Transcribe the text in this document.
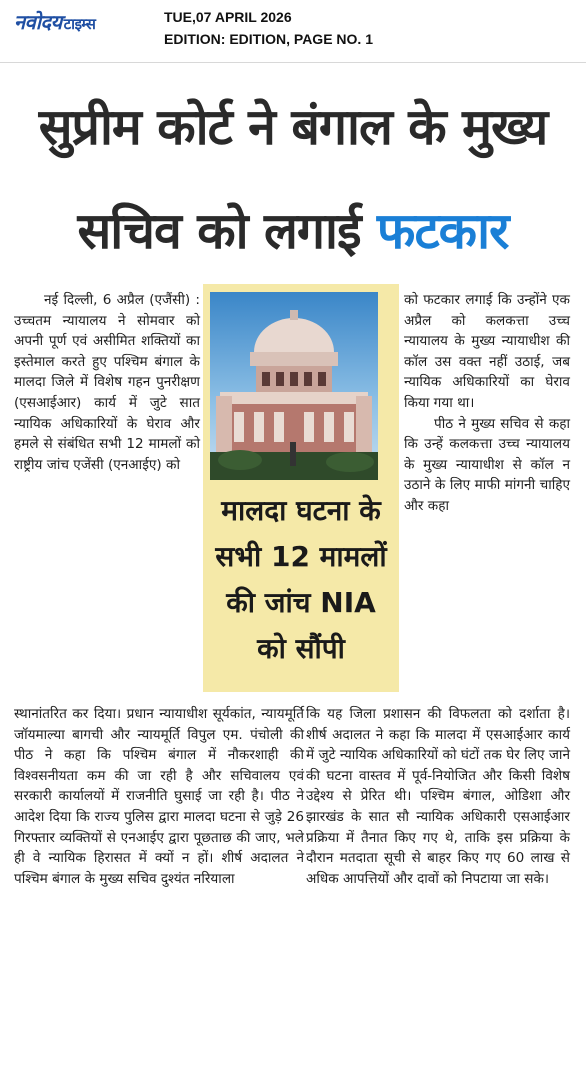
नवोदय टाइम्स	TUE,07 APRIL 2026
EDITION: EDITION, PAGE NO. 1
सुप्रीम कोर्ट ने बंगाल के मुख्य
सचिव को लगाई फटकार

नई दिल्ली, 6 अप्रैल (एजैंसी) : उच्चतम न्यायालय ने सोमवार को अपनी पूर्ण एवं असीमित शक्तियों का इस्तेमाल करते हुए पश्चिम बंगाल के मालदा जिले में विशेष गहन पुनरीक्षण (एसआईआर) कार्य में जुटे सात न्यायिक अधिकारियों के घेराव और हमले से संबंधित सभी 12 मामलों को राष्ट्रीय जांच एजेंसी (एनआईए) को

मालदा घटना के सभी 12 मामलों की जांच NIA को सौंपी

को फटकार लगाई कि उन्होंने एक अप्रैल को कलकत्ता उच्च न्यायालय के मुख्य न्यायाधीश की कॉल उस वक्त नहीं उठाई, जब न्यायिक अधिकारियों का घेराव किया गया था।

पीठ ने मुख्य सचिव से कहा कि उन्हें कलकत्ता उच्च न्यायालय के मुख्य न्यायाधीश से कॉल न उठाने के लिए माफी मांगनी चाहिए और कहा

स्थानांतरित कर दिया। प्रधान न्यायाधीश सूर्यकांत, न्यायमूर्ति जॉयमाल्या बागची और न्यायमूर्ति विपुल एम. पंचोली की पीठ ने कहा कि पश्चिम बंगाल में नौकरशाही की विश्वसनीयता कम की जा रही है और सचिवालय एवं सरकारी कार्यालयों में राजनीति घुसाई जा रही है। पीठ ने आदेश दिया कि राज्य पुलिस द्वारा मालदा घटना से जुड़े 26 गिरफ्तार व्यक्तियों से एनआईए द्वारा पूछताछ की जाए, भले ही वे न्यायिक हिरासत में क्यों न हों। शीर्ष अदालत ने पश्चिम बंगाल के मुख्य सचिव दुश्यंत नरियाला

कि यह जिला प्रशासन की विफलता को दर्शाता है। शीर्ष अदालत ने कहा कि मालदा में एसआईआर कार्य में जुटे न्यायिक अधिकारियों को घंटों तक घेर लिए जाने की घटना वास्तव में पूर्व-नियोजित और किसी विशेष उद्देश्य से प्रेरित थी। पश्चिम बंगाल, ओडिशा और झारखंड के सात सौ न्यायिक अधिकारी एसआईआर प्रक्रिया में तैनात किए गए थे, ताकि इस प्रक्रिया के दौरान मतदाता सूची से बाहर किए गए 60 लाख से अधिक आपत्तियों और दावों को निपटाया जा सके।
